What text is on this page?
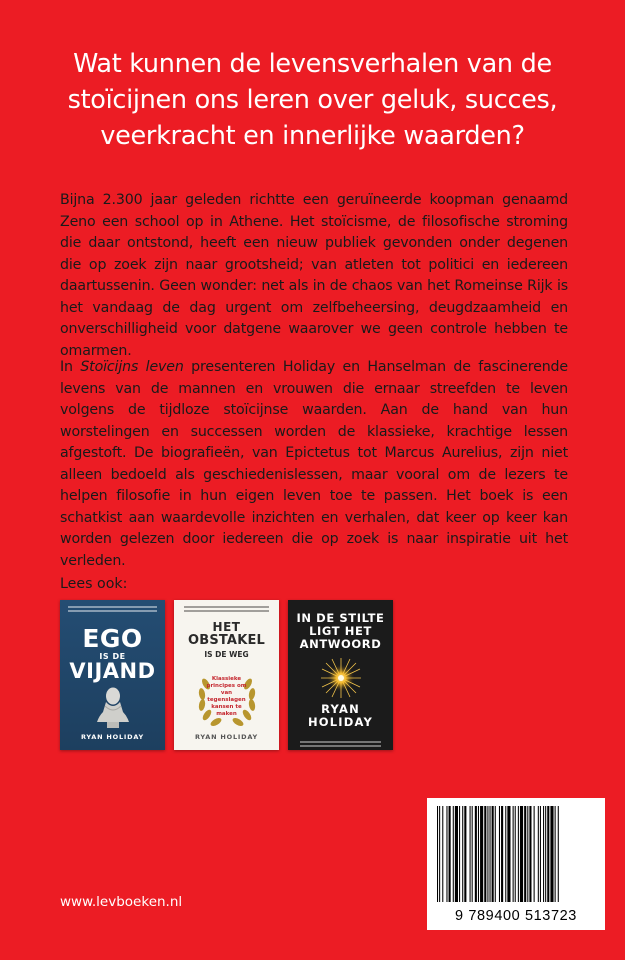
Wat kunnen de levensverhalen van de stoïcijnen ons leren over geluk, succes, veerkracht en innerlijke waarden?

Bijna 2.300 jaar geleden richtte een geruïneerde koopman genaamd Zeno een school op in Athene. Het stoïcisme, de filosofische stroming die daar ontstond, heeft een nieuw publiek gevonden onder degenen die op zoek zijn naar grootsheid; van atleten tot politici en iedereen daartussenin. Geen wonder: net als in de chaos van het Romeinse Rijk is het vandaag de dag urgent om zelfbeheersing, deugdzaamheid en onverschilligheid voor datgene waarover we geen controle hebben te omarmen.

In Stoïcijns leven presenteren Holiday en Hanselman de fascinerende levens van de mannen en vrouwen die ernaar streefden te leven volgens de tijdloze stoïcijnse waarden. Aan de hand van hun worstelingen en successen worden de klassieke, krachtige lessen afgestoft. De biografieën, van Epictetus tot Marcus Aurelius, zijn niet alleen bedoeld als geschiedenislessen, maar vooral om de lezers te helpen filosofie in hun eigen leven toe te passen. Het boek is een schatkist aan waardevolle inzichten en verhalen, dat keer op keer kan worden gelezen door iedereen die op zoek is naar inspiratie uit het verleden.

Lees ook:
EGO
IS DE
VIJAND
RYAN HOLIDAY
HET
OBSTAKEL
IS DE WEG
Klassieke principes om van tegenslagen kansen te maken
RYAN HOLIDAY
IN DE STILTE LIGT HET ANTWOORD
RYAN HOLIDAY
9 789400 513723
www.levboeken.nl
